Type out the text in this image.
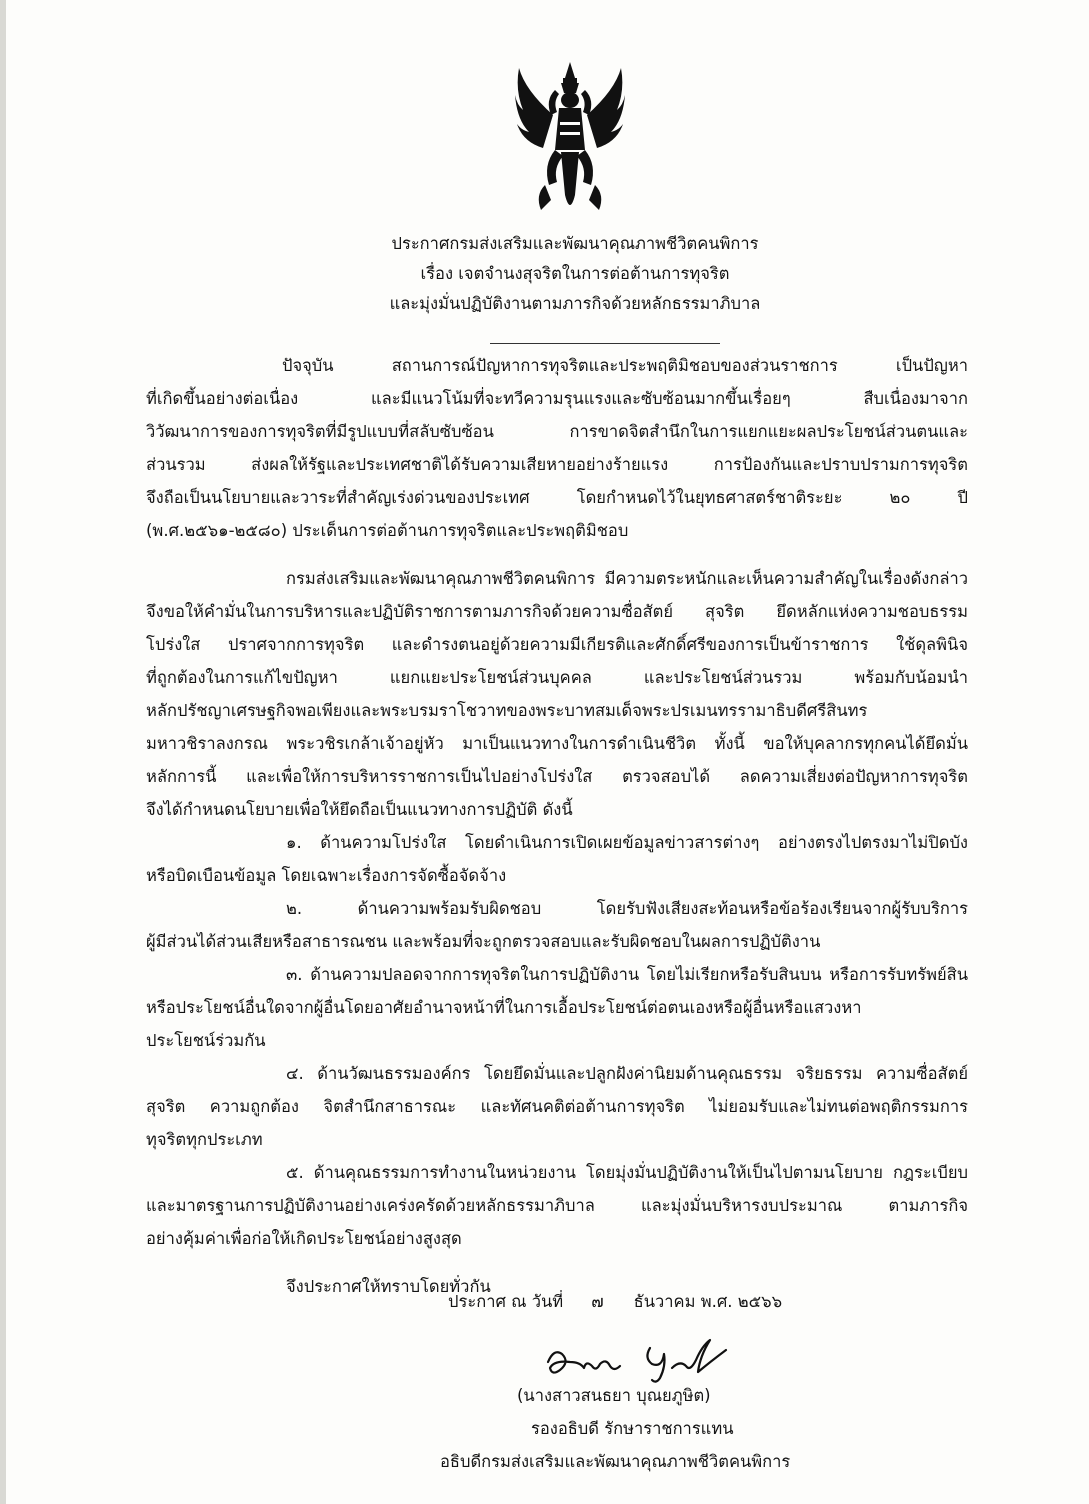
ประกาศกรมส่งเสริมและพัฒนาคุณภาพชีวิตคนพิการ
เรื่อง เจตจำนงสุจริตในการต่อต้านการทุจริต
และมุ่งมั่นปฏิบัติงานตามภารกิจด้วยหลักธรรมาภิบาล
ปัจจุบัน สถานการณ์ปัญหาการทุจริตและประพฤติมิชอบของส่วนราชการ เป็นปัญหา
ที่เกิดขึ้นอย่างต่อเนื่อง และมีแนวโน้มที่จะทวีความรุนแรงและซับซ้อนมากขึ้นเรื่อยๆ สืบเนื่องมาจาก
วิวัฒนาการของการทุจริตที่มีรูปแบบที่สลับซับซ้อน การขาดจิตสำนึกในการแยกแยะผลประโยชน์ส่วนตนและ
ส่วนรวม ส่งผลให้รัฐและประเทศชาติได้รับความเสียหายอย่างร้ายแรง การป้องกันและปราบปรามการทุจริต
จึงถือเป็นนโยบายและวาระที่สำคัญเร่งด่วนของประเทศ โดยกำหนดไว้ในยุทธศาสตร์ชาติระยะ ๒๐ ปี
(พ.ศ.๒๕๖๑-๒๕๘๐) ประเด็นการต่อต้านการทุจริตและประพฤติมิชอบ
กรมส่งเสริมและพัฒนาคุณภาพชีวิตคนพิการ มีความตระหนักและเห็นความสำคัญในเรื่องดังกล่าว
จึงขอให้คำมั่นในการบริหารและปฏิบัติราชการตามภารกิจด้วยความซื่อสัตย์ สุจริต ยึดหลักแห่งความชอบธรรม
โปร่งใส ปราศจากการทุจริต และดำรงตนอยู่ด้วยความมีเกียรติและศักดิ์ศรีของการเป็นข้าราชการ ใช้ดุลพินิจ
ที่ถูกต้องในการแก้ไขปัญหา แยกแยะประโยชน์ส่วนบุคคล และประโยชน์ส่วนรวม พร้อมกับน้อมนำ
หลักปรัชญาเศรษฐกิจพอเพียงและพระบรมราโชวาทของพระบาทสมเด็จพระปรเมนทรรามาธิบดีศรีสินทร
มหาวชิราลงกรณ พระวชิรเกล้าเจ้าอยู่หัว มาเป็นแนวทางในการดำเนินชีวิต ทั้งนี้ ขอให้บุคลากรทุกคนได้ยึดมั่น
หลักการนี้ และเพื่อให้การบริหารราชการเป็นไปอย่างโปร่งใส ตรวจสอบได้ ลดความเสี่ยงต่อปัญหาการทุจริต
จึงได้กำหนดนโยบายเพื่อให้ยึดถือเป็นแนวทางการปฏิบัติ ดังนี้
๑. ด้านความโปร่งใส โดยดำเนินการเปิดเผยข้อมูลข่าวสารต่างๆ อย่างตรงไปตรงมาไม่ปิดบัง
หรือบิดเบือนข้อมูล โดยเฉพาะเรื่องการจัดซื้อจัดจ้าง
๒. ด้านความพร้อมรับผิดชอบ โดยรับฟังเสียงสะท้อนหรือข้อร้องเรียนจากผู้รับบริการ
ผู้มีส่วนได้ส่วนเสียหรือสาธารณชน และพร้อมที่จะถูกตรวจสอบและรับผิดชอบในผลการปฏิบัติงาน
๓. ด้านความปลอดจากการทุจริตในการปฏิบัติงาน โดยไม่เรียกหรือรับสินบน หรือการรับทรัพย์สิน
หรือประโยชน์อื่นใดจากผู้อื่นโดยอาศัยอำนาจหน้าที่ในการเอื้อประโยชน์ต่อตนเองหรือผู้อื่นหรือแสวงหา
ประโยชน์ร่วมกัน
๔. ด้านวัฒนธรรมองค์กร โดยยึดมั่นและปลูกฝังค่านิยมด้านคุณธรรม จริยธรรม ความซื่อสัตย์
สุจริต ความถูกต้อง จิตสำนึกสาธารณะ และทัศนคติต่อต้านการทุจริต ไม่ยอมรับและไม่ทนต่อพฤติกรรมการ
ทุจริตทุกประเภท
๕. ด้านคุณธรรมการทำงานในหน่วยงาน โดยมุ่งมั่นปฏิบัติงานให้เป็นไปตามนโยบาย กฎระเบียบ
และมาตรฐานการปฏิบัติงานอย่างเคร่งครัดด้วยหลักธรรมาภิบาล และมุ่งมั่นบริหารงบประมาณ ตามภารกิจ
อย่างคุ้มค่าเพื่อก่อให้เกิดประโยชน์อย่างสูงสุด
จึงประกาศให้ทราบโดยทั่วกัน
ประกาศ ณ วันที่ ๗ ธันวาคม พ.ศ. ๒๕๖๖
(นางสาวสนธยา บุณยภูษิต)
รองอธิบดี รักษาราชการแทน
อธิบดีกรมส่งเสริมและพัฒนาคุณภาพชีวิตคนพิการ
